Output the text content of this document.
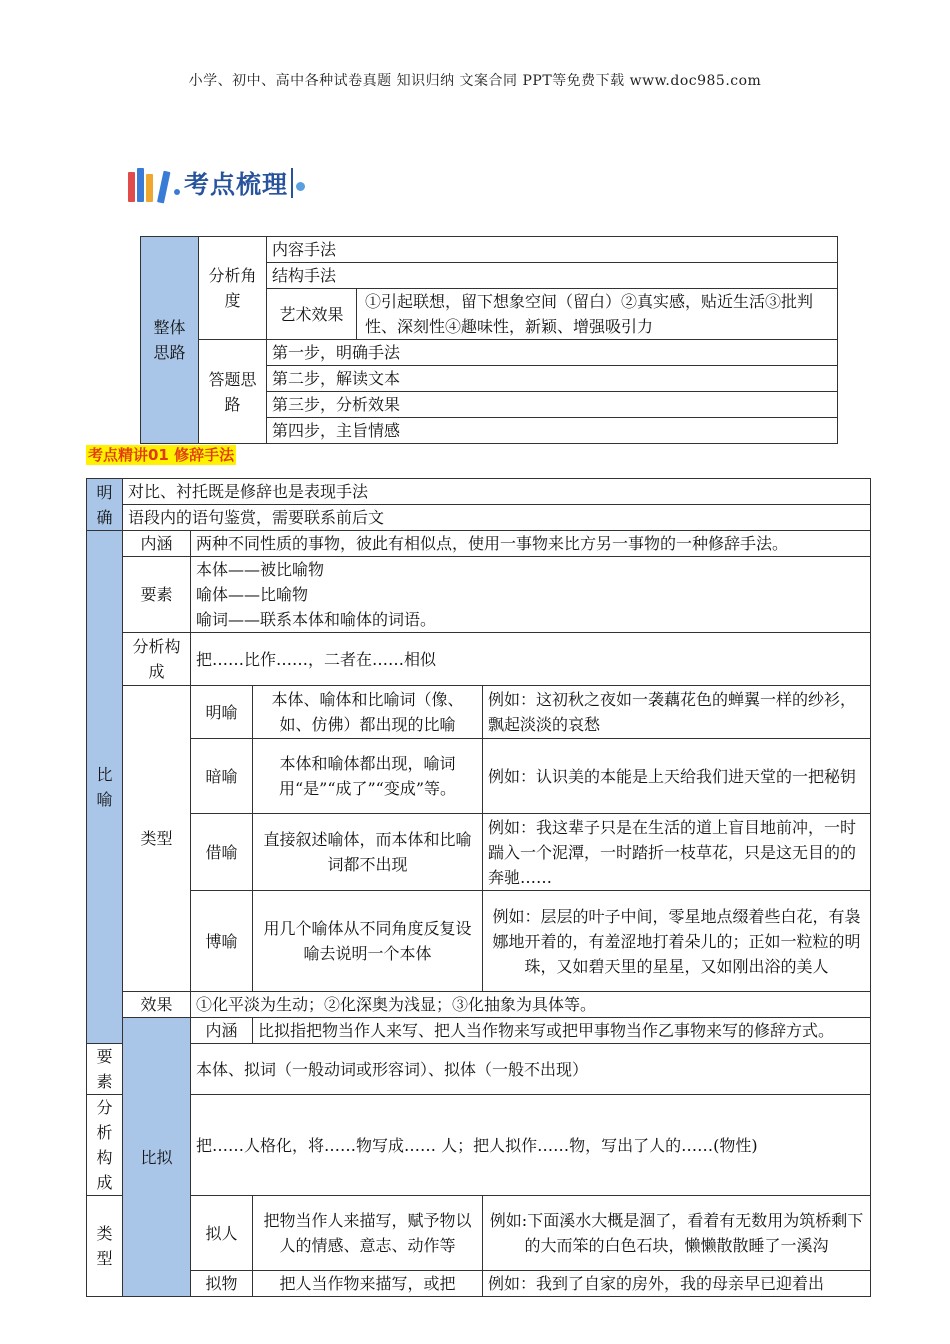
小学、初中、高中各种试卷真题 知识归纳 文案合同 PPT等免费下载 www.doc985.com
考点梳理
整体思路	分析角度	内容手法	
		结构手法	
		艺术效果	①引起联想，留下想象空间（留白）②真实感，贴近生活③批判性、深刻性④趣味性，新颖、增强吸引力

	答题思路	第一步，明确手法	
		第二步，解读文本	
		第三步，分析效果	
		第四步，主旨情感	
考点精讲01 修辞手法
明确	对比、衬托既是修辞也是表现手法			
	语段内的语句鉴赏，需要联系前后文			
比喻	内涵	两种不同性质的事物，彼此有相似点，使用一事物来比方另一事物的一种修辞手法。		
	要素	本体——被比喻物
喻体——比喻物
喻词——联系本体和喻体的词语。		

	分析构成	把……比作……，二者在……相似		
	类型	明喻	本体、喻体和比喻词（像、如、仿佛）都出现的比喻	例如：这初秋之夜如一袭藕花色的蝉翼一样的纱衫，飘起淡淡的哀愁
		暗喻	本体和喻体都出现，喻词用“是”“成了”“变成”等。	例如：认识美的本能是上天给我们进天堂的一把秘钥
		借喻	直接叙述喻体，而本体和比喻词都不出现	例如：我这辈子只是在生活的道上盲目地前冲，一时踹入一个泥潭，一时踏折一枝草花，只是这无目的的奔驰……
		博喻	用几个喻体从不同角度反复设喻去说明一个本体	例如：层层的叶子中间，零星地点缀着些白花，有袅娜地开着的，有羞涩地打着朵儿的；正如一粒粒的明珠，又如碧天里的星星，又如刚出浴的美人
	效果	①化平淡为生动；②化深奥为浅显；③化抽象为具体等。		
	比拟	内涵	比拟指把物当作人来写、把人当作物来写或把甲事物当作乙事物来写的修辞方式。	
要素		本体、拟词（一般动词或形容词）、拟体（一般不出现）		
分析构成		把……人格化，将……物写成…… 人；把人拟作……物，写出了人的……(物性)		
类型		拟人	把物当作人来描写，赋予物以人的情感、意志、动作等	例如:下面溪水大概是涸了，看着有无数用为筑桥剩下的大而笨的白色石块，懒懒散散睡了一溪沟
		拟物	把人当作物来描写，或把	例如：我到了自家的房外，我的母亲早已迎着出
